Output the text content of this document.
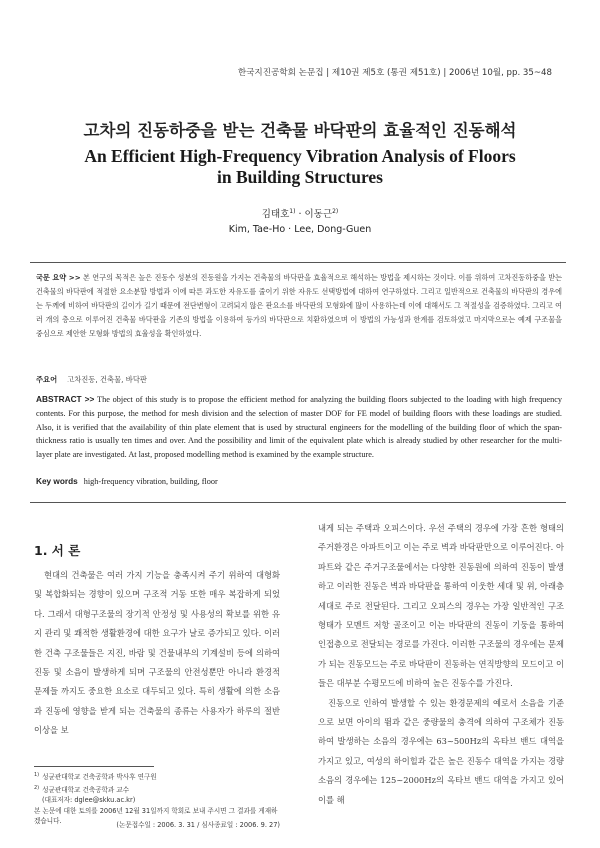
한국지진공학회 논문집 | 제10권 제5호 (통권 제51호) | 2006년 10월, pp. 35~48
고차의 진동하중을 받는 건축물 바닥판의 효율적인 진동해석
An Efficient High-Frequency Vibration Analysis of Floors
in Building Structures
김태호$^{1)}$ · 이동근$^{2)}$
Kim, Tae-Ho · Lee, Dong-Guen
국문 요약 >> 본 연구의 목적은 높은 진동수 성분의 진동원을 가지는 건축물의 바닥판을 효율적으로 해석하는 방법을 제시하는 것이다. 이를 위하여 고차진동하중을 받는 건축물의 바닥판에 적절한 요소분할 방법과 이에 따른 과도한 자유도를 줄이기 위한 자유도 선택방법에 대하여 연구하였다. 그리고 일반적으로 건축물의 바닥판의 경우에는 두께에 비하여 바닥판의 길이가 길기 때문에 전단변형이 고려되지 않은 판요소를 바닥판의 모형화에 많이 사용하는데 이에 대해서도 그 적절성을 검증하였다. 그리고 여러 개의 층으로 이루어진 건축물 바닥판을 기존의 방법을 이용하여 등가의 바닥판으로 치환하였으며 이 방법의 가능성과 한계를 검토하였고 마지막으로는 예제 구조물을 중심으로 제안한 모형화 방법의 효율성을 확인하였다.
주요어 고차진동, 건축물, 바닥판
ABSTRACT >> The object of this study is to propose the efficient method for analyzing the building floors subjected to the loading with high frequency contents. For this purpose, the method for mesh division and the selection of master DOF for FE model of building floors with these loadings are studied. Also, it is verified that the availability of thin plate element that is used by structural engineers for the modelling of the building floor of which the span-thickness ratio is usually ten times and over. And the possibility and limit of the equivalent plate which is already studied by other researcher for the multi-layer plate are investigated. At last, proposed modelling method is examined by the example structure.
Key words high-frequency vibration, building, floor
1. 서 론

현대의 건축물은 여러 가지 기능을 충족시켜 주기 위하여 대형화 및 복합화되는 경향이 있으며 구조적 거동 또한 매우 복잡하게 되었다. 그래서 대형구조물의 장기적 안정성 및 사용성의 확보를 위한 유지 관리 및 쾌적한 생활환경에 대한 요구가 날로 증가되고 있다. 이러한 건축 구조물들은 지진, 바람 및 건물내부의 기계설비 등에 의하여 진동 및 소음이 발생하게 되며 구조물의 안전성뿐만 아니라 환경적 문제들 까지도 중요한 요소로 대두되고 있다. 특히 생활에 의한 소음과 진동에 영향을 받게 되는 건축물의 종류는 사용자가 하루의 절반이상을 보

내게 되는 주택과 오피스이다. 우선 주택의 경우에 가장 흔한 형태의 주거환경은 아파트이고 이는 주로 벽과 바닥판만으로 이루어진다. 아파트와 같은 주거구조물에서는 다양한 진동원에 의하여 진동이 발생하고 이러한 진동은 벽과 바닥판을 통하여 이웃한 세대 및 위, 아래층 세대로 주로 전달된다. 그리고 오피스의 경우는 가장 일반적인 구조형태가 모멘트 저항 골조이고 이는 바닥판의 진동이 기둥을 통하여 인접층으로 전달되는 경로를 가진다. 이러한 구조물의 경우에는 문제가 되는 진동모드는 주로 바닥판이 진동하는 연직방향의 모드이고 이들은 대부분 수평모드에 비하여 높은 진동수를 가진다.

진동으로 인하여 발생할 수 있는 환경문제의 예로서 소음을 기준으로 보면 아이의 뜀과 같은 중량물의 충격에 의하여 구조체가 진동하여 발생하는 소음의 경우에는 63~500Hz의 옥타브 밴드 대역을 가지고 있고, 여성의 하이힐과 같은 높은 진동수 대역을 가지는 경량소음의 경우에는 125~2000Hz의 옥타브 밴드 대역을 가지고 있어 이를 해

$^{1)}$ 성균관대학교 건축공학과 박사후 연구원
$^{2)}$ 성균관대학교 건축공학과 교수
(대표저자: dglee@skku.ac.kr)
본 논문에 대한 토의를 2006년 12월 31일까지 학회로 보내 주시면 그 결과를 게재하겠습니다.	(논문접수일 : 2006. 3. 31 / 심사종료일 : 2006. 9. 27)
